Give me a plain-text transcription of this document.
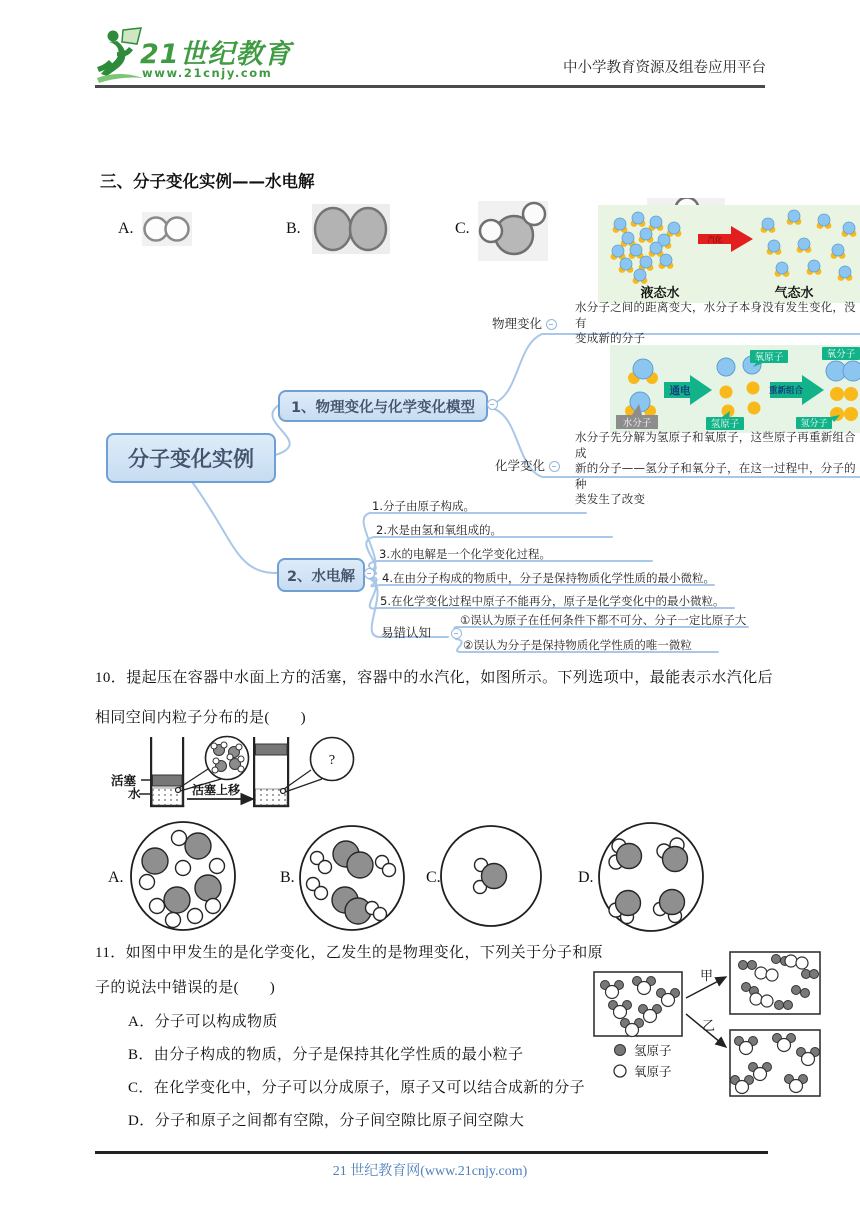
21世纪教育
www.21cnjy.com	中小学教育资源及组卷应用平台
A.	B.	C.
三、分子变化实例——水电解
汽化
液态水	气态水
物理变化
水分子之间的距离变大，水分子本身没有发生变化，没有
变成新的分子
水分子
通电
氧原子
氢原子
重新组合
氧分子
氢分子
化学变化
水分子先分解为氢原子和氧原子，这些原子再重新组合成
新的分子——氢分子和氧分子，在这一过程中，分子的种
类发生了改变
分子变化实例
1、物理变化与化学变化模型
2、水电解
1.分子由原子构成。
2.水是由氢和氧组成的。
3.水的电解是一个化学变化过程。
4.在由分子构成的物质中，分子是保持物质化学性质的最小微粒。
5.在化学变化过程中原子不能再分，原子是化学变化中的最小微粒。
易错认知
①误认为原子在任何条件下都不可分、分子一定比原子大
②误认为分子是保持物质化学性质的唯一微粒
10．提起压在容器中水面上方的活塞，容器中的水汽化，如图所示。下列选项中，最能表示水汽化后
相同空间内粒子分布的是(　　)
活塞
水	活塞上移
?
A.	B.	C.	D.
11．如图中甲发生的是化学变化，乙发生的是物理变化，下列关于分子和原
子的说法中错误的是(　　)
A．分子可以构成物质
B．由分子构成的物质，分子是保持其化学性质的最小粒子
C．在化学变化中，分子可以分成原子，原子又可以结合成新的分子
D．分子和原子之间都有空隙，分子间空隙比原子间空隙大
甲
乙
氢原子
氧原子
21 世纪教育网(www.21cnjy.com)
